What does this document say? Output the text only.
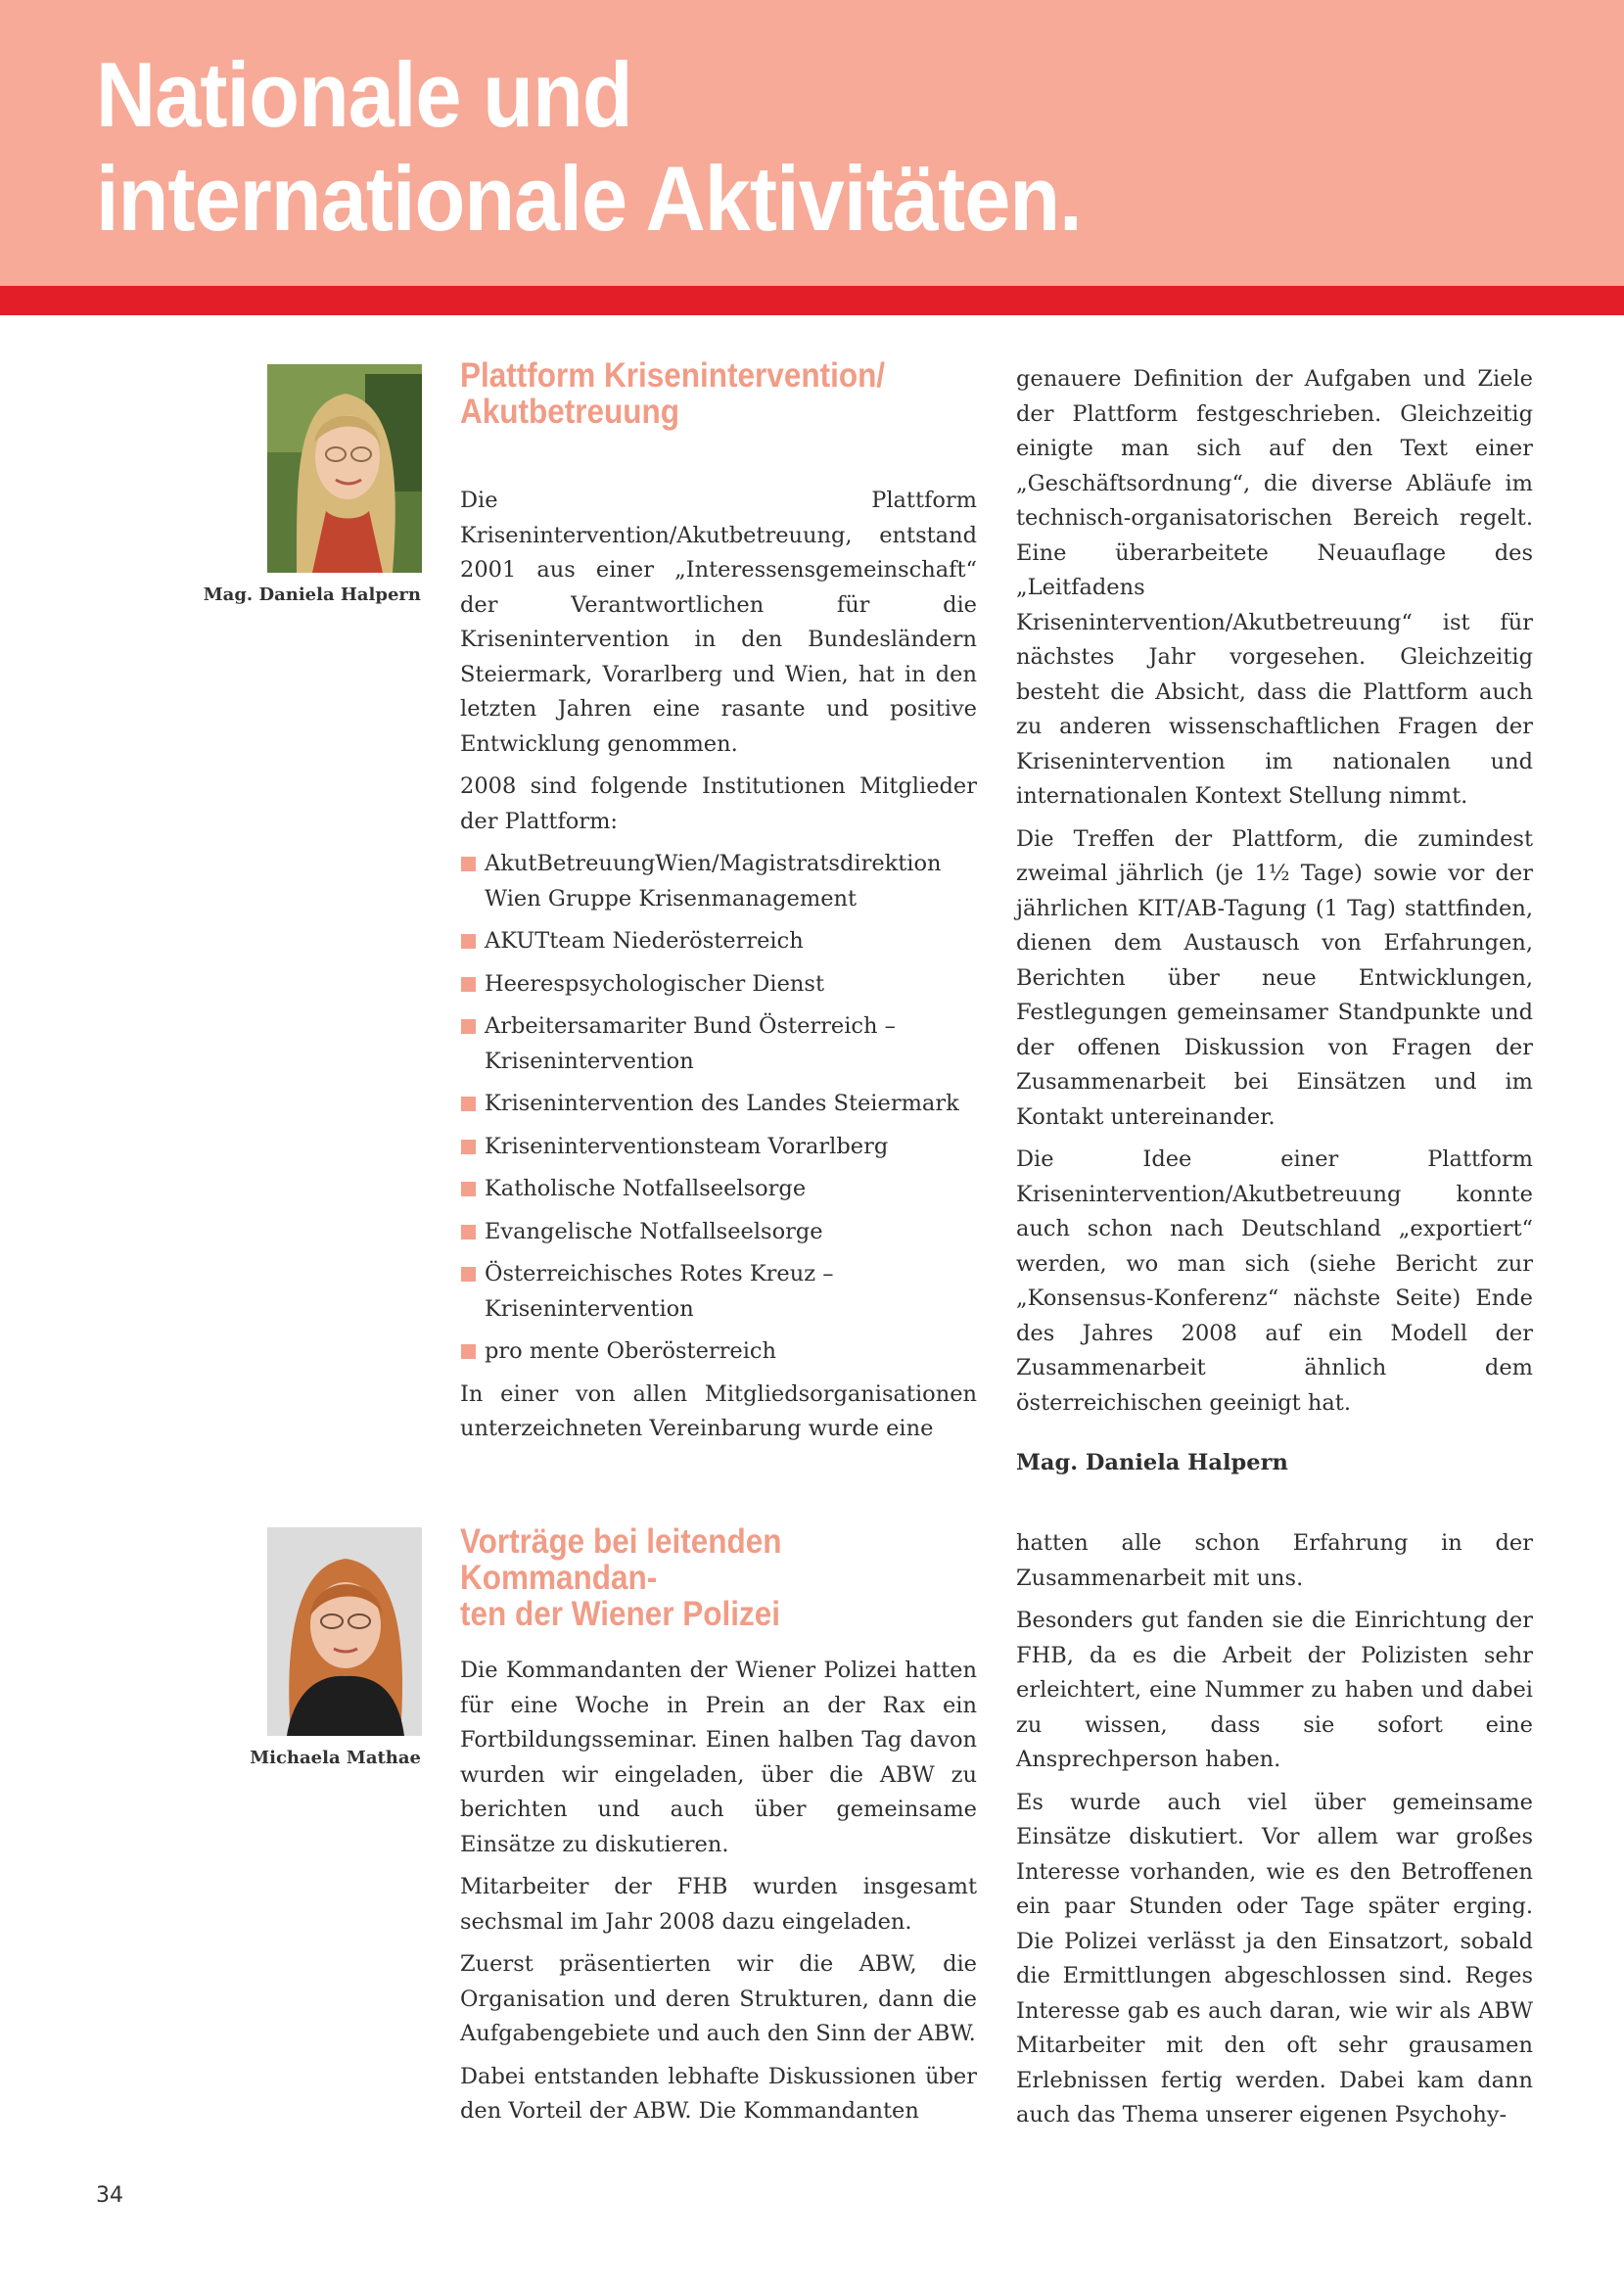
Nationale und
internationale Aktivitäten.
Mag. Daniela Halpern
Plattform Krisenintervention/
Akutbetreuung

Die Plattform Krisenintervention/Akutbetreuung, entstand 2001 aus einer „Interessensgemeinschaft“ der Verantwortlichen für die Krisenintervention in den Bundesländern Steiermark, Vorarlberg und Wien, hat in den letzten Jahren eine rasante und positive Entwicklung genommen.

2008 sind folgende Institutionen Mitglieder der Plattform:

AkutBetreuungWien/Magistratsdirektion Wien Gruppe Krisenmanagement
AKUTteam Niederösterreich
Heerespsychologischer Dienst
Arbeitersamariter Bund Österreich – Krisenintervention
Krisenintervention des Landes Steiermark
Kriseninterventionsteam Vorarlberg
Katholische Notfallseelsorge
Evangelische Notfallseelsorge
Österreichisches Rotes Kreuz – Krisenintervention
pro mente Oberösterreich

In einer von allen Mitgliedsorganisationen unterzeichneten Vereinbarung wurde eine

genauere Definition der Aufgaben und Ziele der Plattform festgeschrieben. Gleichzeitig einigte man sich auf den Text einer „Geschäftsordnung“, die diverse Abläufe im technisch-organisatorischen Bereich regelt. Eine überarbeitete Neuauflage des „Leitfadens Krisenintervention/Akutbetreuung“ ist für nächstes Jahr vorgesehen. Gleichzeitig besteht die Absicht, dass die Plattform auch zu anderen wissenschaftlichen Fragen der Krisenintervention im nationalen und internationalen Kontext Stellung nimmt.

Die Treffen der Plattform, die zumindest zweimal jährlich (je 1½ Tage) sowie vor der jährlichen KIT/AB-Tagung (1 Tag) stattfinden, dienen dem Austausch von Erfahrungen, Berichten über neue Entwicklungen, Festlegungen gemeinsamer Standpunkte und der offenen Diskussion von Fragen der Zusammenarbeit bei Einsätzen und im Kontakt untereinander.

Die Idee einer Plattform Krisenintervention/Akutbetreuung konnte auch schon nach Deutschland „exportiert“ werden, wo man sich (siehe Bericht zur „Konsensus-Konferenz“ nächste Seite) Ende des Jahres 2008 auf ein Modell der Zusammenarbeit ähnlich dem österreichischen geeinigt hat.

Mag. Daniela Halpern

Michaela Mathae
Vorträge bei leitenden Kommandan-
ten der Wiener Polizei

Die Kommandanten der Wiener Polizei hatten für eine Woche in Prein an der Rax ein Fortbildungsseminar. Einen halben Tag davon wurden wir eingeladen, über die ABW zu berichten und auch über gemeinsame Einsätze zu diskutieren.

Mitarbeiter der FHB wurden insgesamt sechsmal im Jahr 2008 dazu eingeladen.

Zuerst präsentierten wir die ABW, die Organisation und deren Strukturen, dann die Aufgabengebiete und auch den Sinn der ABW.

Dabei entstanden lebhafte Diskussionen über den Vorteil der ABW. Die Kommandanten

hatten alle schon Erfahrung in der Zusammenarbeit mit uns.

Besonders gut fanden sie die Einrichtung der FHB, da es die Arbeit der Polizisten sehr erleichtert, eine Nummer zu haben und dabei zu wissen, dass sie sofort eine Ansprechperson haben.

Es wurde auch viel über gemeinsame Einsätze diskutiert. Vor allem war großes Interesse vorhanden, wie es den Betroffenen ein paar Stunden oder Tage später erging. Die Polizei verlässt ja den Einsatzort, sobald die Ermittlungen abgeschlossen sind. Reges Interesse gab es auch daran, wie wir als ABW Mitarbeiter mit den oft sehr grausamen Erlebnissen fertig werden. Dabei kam dann auch das Thema unserer eigenen Psychohy-

34
